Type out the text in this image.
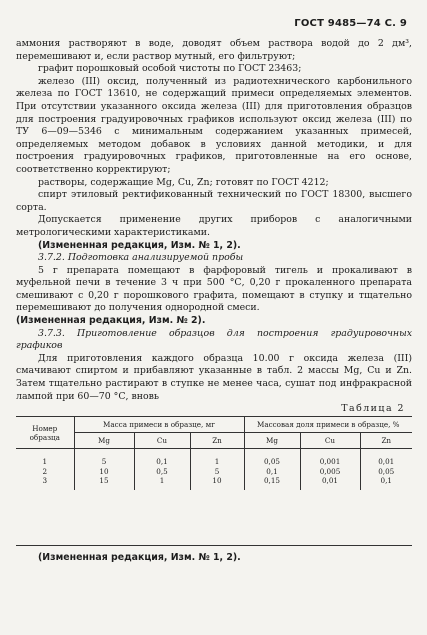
ГОСТ 9485—74 С. 9

аммония растворяют в воде, доводят объем раствора водой до 2 дм³, перемешивают и, если раствор мутный, его фильтруют;

графит порошковый особой чистоты по ГОСТ 23463;

железо (III) оксид, полученный из радиотехнического карбонильного железа по ГОСТ 13610, не содержащий примеси определяемых элементов. При отсутствии указанного оксида железа (III) для приготовления образцов для построения градуировочных графиков используют оксид железа (III) по ТУ 6—09—5346 с минимальным содержанием указанных примесей, определяемых методом добавок в условиях данной методики, и для построения градуировочных графиков, приготовленные на его основе, соответственно корректируют;

растворы, содержащие Mg, Cu, Zn; готовят по ГОСТ 4212;

спирт этиловый ректификованный технический по ГОСТ 18300, высшего сорта.

Допускается применение других приборов с аналогичными метрологическими характеристиками.

(Измененная редакция, Изм. № 1, 2).

3.7.2. Подготовка анализируемой пробы

5 г препарата помещают в фарфоровый тигель и прокаливают в муфельной печи в течение 3 ч при 500 °С, 0,20 г прокаленного препарата смешивают с 0,20 г порошкового графита, помещают в ступку и тщательно перемешивают до получения однородной смеси.

(Измененная редакция, Изм. № 2).

3.7.3. Приготовление образцов для построения градуировочных графиков

Для приготовления каждого образца 10.00 г оксида железа (III) смачивают спиртом и прибавляют указанные в табл. 2 массы Mg, Cu и Zn. Затем тщательно растирают в ступке не менее часа, сушат под инфракрасной лампой при 60—70 °С, вновь

Таблица 2
Номер образца	Масса примеси в образце, мг			Массовая доля примеси в образце, %		
	Mg	Cu	Zn	Mg	Cu	Zn
1	5	0,1	1	0,05	0,001	0,01
2	10	0,5	5	0,1	0,005	0,05
3	15	1	10	0,15	0,01	0,1
(Измененная редакция, Изм. № 1, 2).
